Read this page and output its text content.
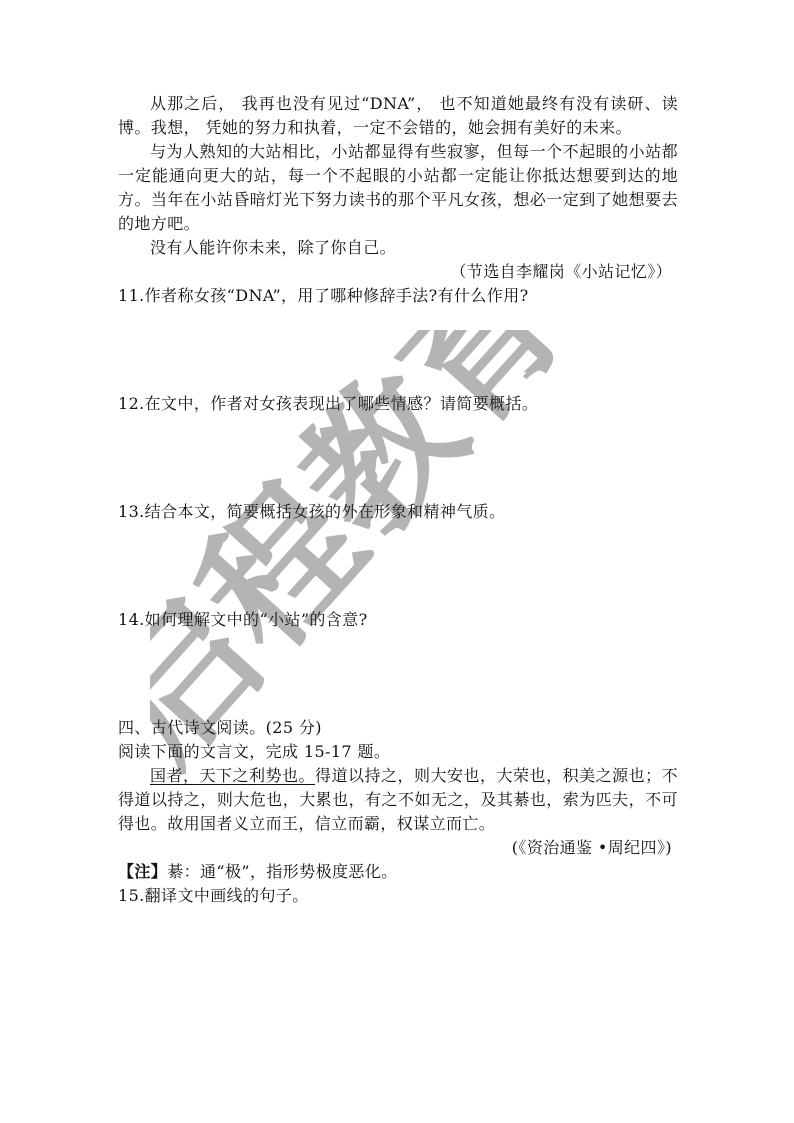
从那之后， 我再也没有见过“DNA”， 也不知道她最终有没有读研、读博。我想， 凭她的努力和执着，一定不会错的，她会拥有美好的未来。

与为人熟知的大站相比，小站都显得有些寂寥，但每一个不起眼的小站都一定能通向更大的站，每一个不起眼的小站都一定能让你抵达想要到达的地方。当年在小站昏暗灯光下努力读书的那个平凡女孩，想必一定到了她想要去的地方吧。

没有人能许你未来，除了你自己。

（节选自李耀岗《小站记忆》）

11.作者称女孩“DNA”，用了哪种修辞手法?有什么作用?

12.在文中，作者对女孩表现出了哪些情感？请简要概括。

13.结合本文，简要概括女孩的外在形象和精神气质。

14.如何理解文中的“小站”的含意?

四、古代诗文阅读。(25 分)

阅读下面的文言文，完成 15-17 题。

国者，天下之利势也。得道以持之，则大安也，大荣也，积美之源也；不得道以持之，则大危也，大累也，有之不如无之，及其綦也，索为匹夫，不可得也。故用国者义立而王，信立而霸，权谋立而亡。

(《资治通鉴 •周纪四》)

【注】綦：通“极”，指形势极度恶化。

15.翻译文中画线的句子。

启程教育
